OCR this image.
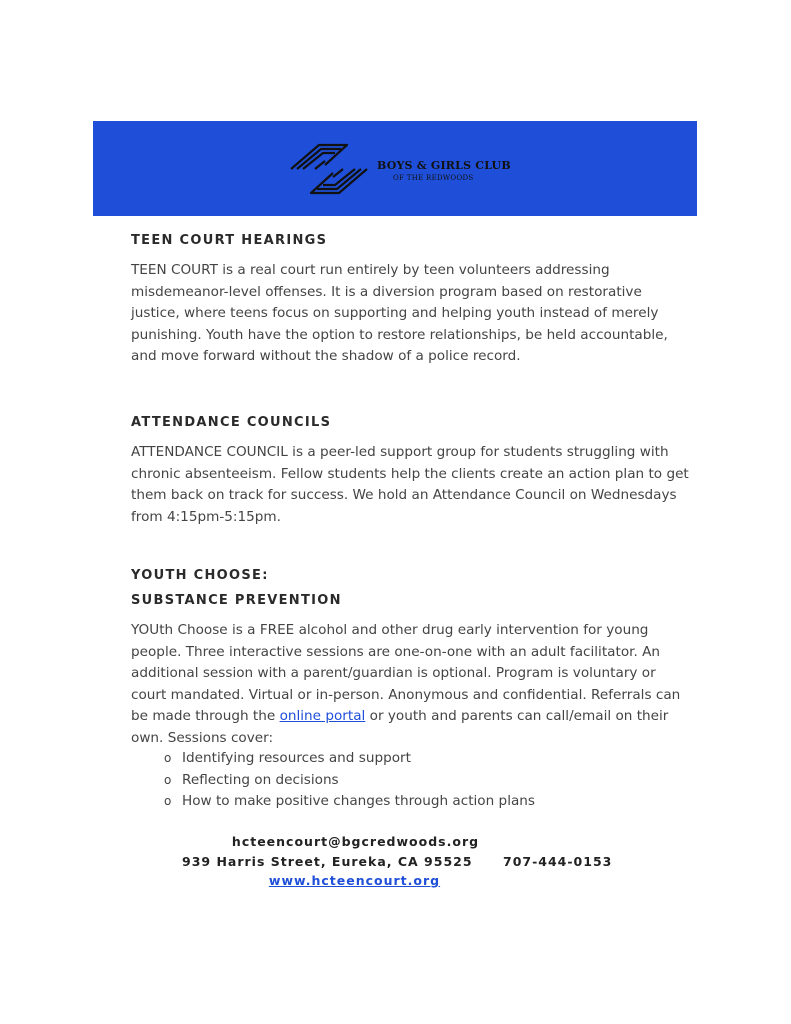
BOYS & GIRLS CLUB
OF THE REDWOODS
TEEN COURT HEARINGS

TEEN COURT is a real court run entirely by teen volunteers addressing misdemeanor-level offenses. It is a diversion program based on restorative justice, where teens focus on supporting and helping youth instead of merely punishing. Youth have the option to restore relationships, be held accountable, and move forward without the shadow of a police record.

ATTENDANCE COUNCILS

ATTENDANCE COUNCIL is a peer-led support group for students struggling with chronic absenteeism. Fellow students help the clients create an action plan to get them back on track for success. We hold an Attendance Council on Wednesdays from 4:15pm-5:15pm.

YOUTH CHOOSE:
SUBSTANCE PREVENTION

YOUth Choose is a FREE alcohol and other drug early intervention for young people. Three interactive sessions are one-on-one with an adult facilitator. An additional session with a parent/guardian is optional. Program is voluntary or court mandated. Virtual or in-person. Anonymous and confidential. Referrals can be made through the online portal or youth and parents can call/email on their own. Sessions cover:

o Identifying resources and support
o Reflecting on decisions
o How to make positive changes through action plans
hcteencourt@bgcredwoods.org
939 Harris Street, Eureka, CA 95525 707-444-0153
www.hcteencourt.org
